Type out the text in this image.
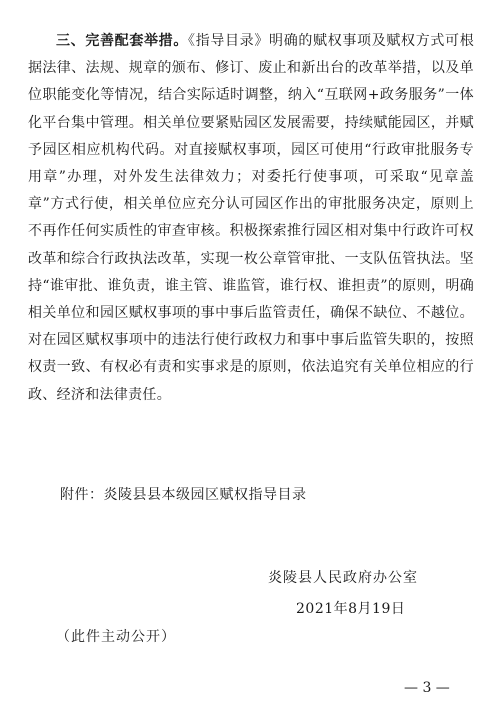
三、完善配套举措。《指导目录》明确的赋权事项及赋权方式可根据法律、法规、规章的颁布、修订、废止和新出台的改革举措，以及单位职能变化等情况，结合实际适时调整，纳入“互联网+政务服务”一体化平台集中管理。相关单位要紧贴园区发展需要，持续赋能园区，并赋予园区相应机构代码。对直接赋权事项，园区可使用“行政审批服务专用章”办理，对外发生法律效力；对委托行使事项，可采取“见章盖章”方式行使，相关单位应充分认可园区作出的审批服务决定，原则上不再作任何实质性的审查审核。积极探索推行园区相对集中行政许可权改革和综合行政执法改革，实现一枚公章管审批、一支队伍管执法。坚持“谁审批、谁负责，谁主管、谁监管，谁行权、谁担责”的原则，明确相关单位和园区赋权事项的事中事后监管责任，确保不缺位、不越位。对在园区赋权事项中的违法行使行政权力和事中事后监管失职的，按照权责一致、有权必有责和实事求是的原则，依法追究有关单位相应的行政、经济和法律责任。

附件：炎陵县县本级园区赋权指导目录
炎陵县人民政府办公室
2021年8月19日
（此件主动公开）
— 3 —
